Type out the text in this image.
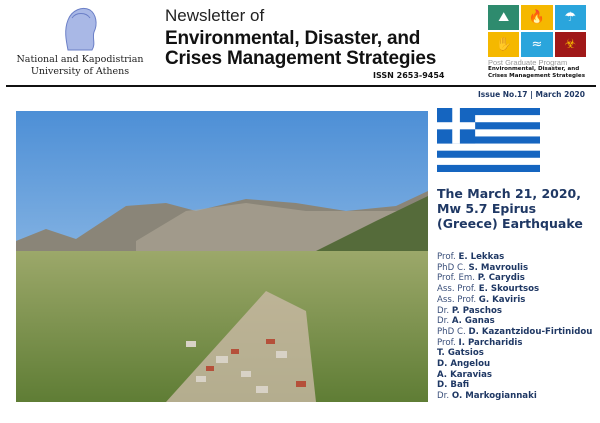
National and Kapodistrian
University of Athens
Newsletter of
Environmental, Disaster, and
Crises Management Strategies
ISSN 2653-9454
⛰	🔥	☂
✋	≈	☣
Post Graduate Program
Environmental, Disaster, and
Crises Management Strategies
Issue No.17 | March 2020
The March 21, 2020, Mw 5.7 Epirus (Greece) Earthquake
Prof. E. Lekkas
PhD C. S. Mavroulis
Prof. Em. P. Carydis
Ass. Prof. E. Skourtsos
Ass. Prof. G. Kaviris
Dr. P. Paschos
Dr. A. Ganas
PhD C. D. Kazantzidou-Firtinidou
Prof. I. Parcharidis
T. Gatsios
D. Angelou
A. Karavias
D. Bafi
Dr. O. Markogiannaki
